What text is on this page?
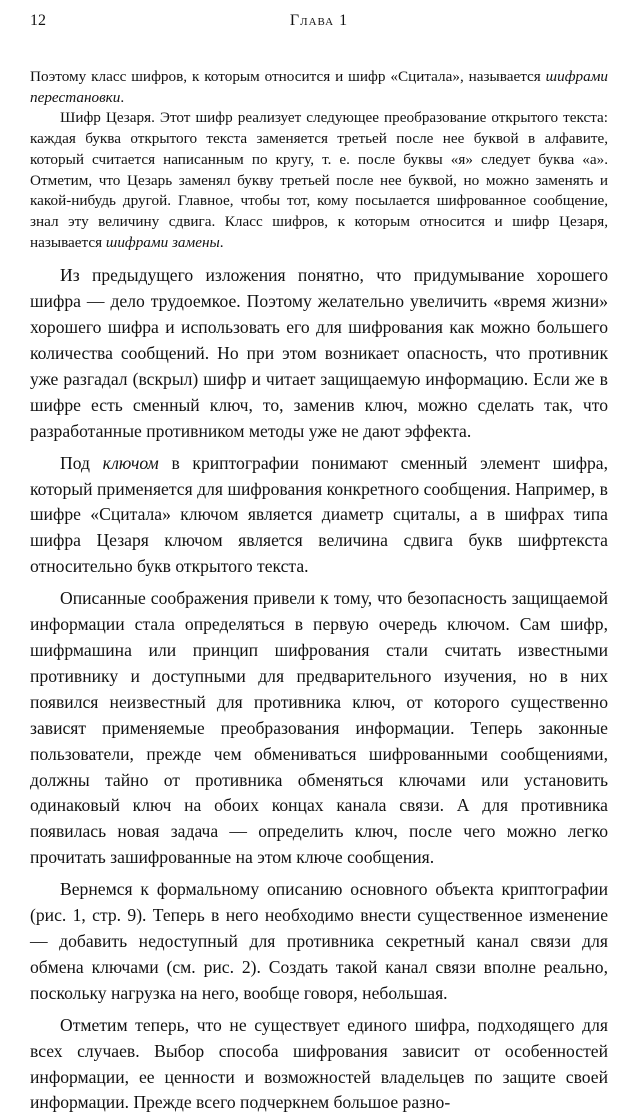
12	Глава 1

Поэтому класс шифров, к которым относится и шифр «Сцитала», называется шифрами перестановки.

Шифр Цезаря. Этот шифр реализует следующее преобразование открытого текста: каждая буква открытого текста заменяется третьей после нее буквой в алфавите, который считается написанным по кругу, т. е. после буквы «я» следует буква «а». Отметим, что Цезарь заменял букву третьей после нее буквой, но можно заменять и какой-нибудь другой. Главное, чтобы тот, кому посылается шифрованное сообщение, знал эту величину сдвига. Класс шифров, к которым относится и шифр Цезаря, называется шифрами замены.

Из предыдущего изложения понятно, что придумывание хорошего шифра — дело трудоемкое. Поэтому желательно увеличить «время жизни» хорошего шифра и использовать его для шифрования как можно большего количества сообщений. Но при этом возникает опасность, что противник уже разгадал (вскрыл) шифр и читает защищаемую информацию. Если же в шифре есть сменный ключ, то, заменив ключ, можно сделать так, что разработанные противником методы уже не дают эффекта.

Под ключом в криптографии понимают сменный элемент шифра, который применяется для шифрования конкретного сообщения. Например, в шифре «Сцитала» ключом является диаметр сциталы, а в шифрах типа шифра Цезаря ключом является величина сдвига букв шифртекста относительно букв открытого текста.

Описанные соображения привели к тому, что безопасность защищаемой информации стала определяться в первую очередь ключом. Сам шифр, шифрмашина или принцип шифрования стали считать известными противнику и доступными для предварительного изучения, но в них появился неизвестный для противника ключ, от которого существенно зависят применяемые преобразования информации. Теперь законные пользователи, прежде чем обмениваться шифрованными сообщениями, должны тайно от противника обменяться ключами или установить одинаковый ключ на обоих концах канала связи. А для противника появилась новая задача — определить ключ, после чего можно легко прочитать зашифрованные на этом ключе сообщения.

Вернемся к формальному описанию основного объекта криптографии (рис. 1, стр. 9). Теперь в него необходимо внести существенное изменение — добавить недоступный для противника секретный канал связи для обмена ключами (см. рис. 2). Создать такой канал связи вполне реально, поскольку нагрузка на него, вообще говоря, небольшая.

Отметим теперь, что не существует единого шифра, подходящего для всех случаев. Выбор способа шифрования зависит от особенностей информации, ее ценности и возможностей владельцев по защите своей информации. Прежде всего подчеркнем большое разно-
